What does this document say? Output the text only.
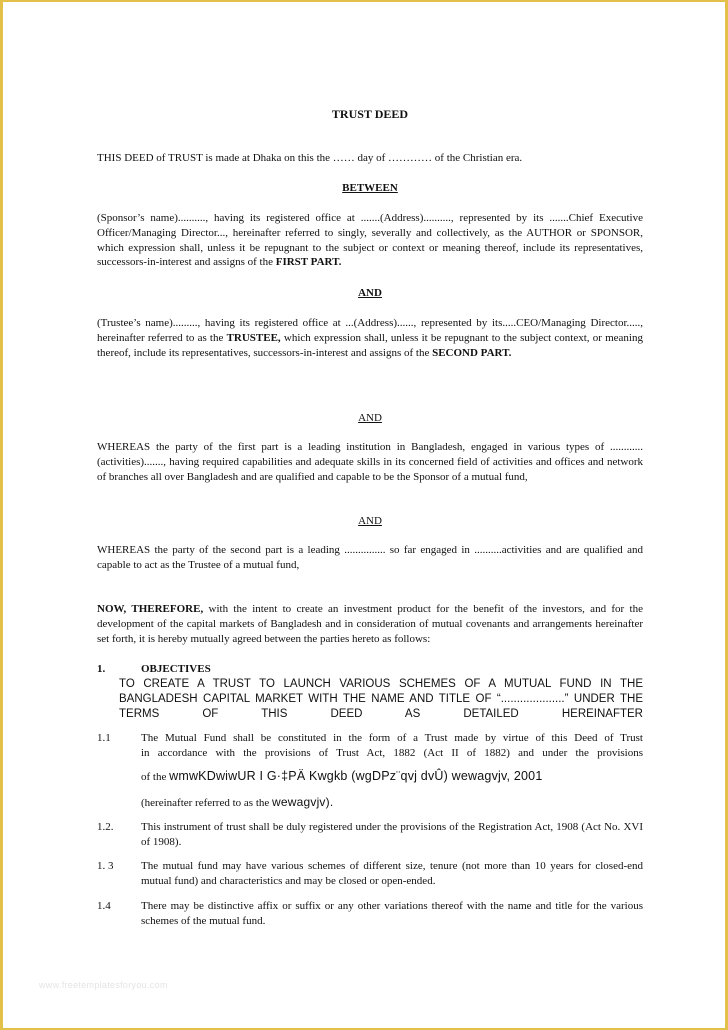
TRUST DEED
THIS DEED of TRUST is made at Dhaka on this the …… day of ………… of the Christian era.
BETWEEN
(Sponsor’s name).........., having its registered office at .......(Address).........., represented by its .......Chief Executive Officer/Managing Director..., hereinafter referred to singly, severally and collectively, as the AUTHOR or SPONSOR, which expression shall, unless it be repugnant to the subject or context or meaning thereof, include its representatives, successors-in-interest and assigns of the FIRST PART.
AND
(Trustee’s name)........., having its registered office at ...(Address)......, represented by its.....CEO/Managing Director....., hereinafter referred to as the TRUSTEE, which expression shall, unless it be repugnant to the subject context, or meaning thereof, include its representatives, successors-in-interest and assigns of the SECOND PART.
AND
WHEREAS the party of the first part is a leading institution in Bangladesh, engaged in various types of ............(activities)......., having required capabilities and adequate skills in its concerned field of activities and offices and network of branches all over Bangladesh and are qualified and capable to be the Sponsor of a mutual fund,
AND
WHEREAS the party of the second part is a leading ............... so far engaged in ..........activities and are qualified and capable to act as the Trustee of a mutual fund,
NOW, THEREFORE, with the intent to create an investment product for the benefit of the investors, and for the development of the capital markets of Bangladesh and in consideration of mutual covenants and arrangements hereinafter set forth, it is hereby mutually agreed between the parties hereto as follows:
1.	OBJECTIVES
TO CREATE A TRUST TO LAUNCH VARIOUS SCHEMES OF A MUTUAL FUND IN THE BANGLADESH CAPITAL MARKET WITH THE NAME AND TITLE OF “....................” UNDER THE TERMS OF THIS DEED AS DETAILED HEREINAFTER
1.1	The Mutual Fund shall be constituted in the form of a Trust made by virtue of this Deed of Trust
in accordance with the provisions of Trust Act, 1882 (Act II of 1882) and under the provisions
of the wmwKDwiwUR I G·‡PÄ Kwgkb (wgDPz¨qvj dvÛ) wewagvjv, 2001
(hereinafter referred to as the wewagvjv).
1.2.	This instrument of trust shall be duly registered under the provisions of the Registration Act, 1908 (Act No. XVI of 1908).
1. 3	The mutual fund may have various schemes of different size, tenure (not more than 10 years for closed-end mutual fund) and characteristics and may be closed or open-ended.
1.4	There may be distinctive affix or suffix or any other variations thereof with the name and title for the various schemes of the mutual fund.
www.freetemplatesforyou.com
